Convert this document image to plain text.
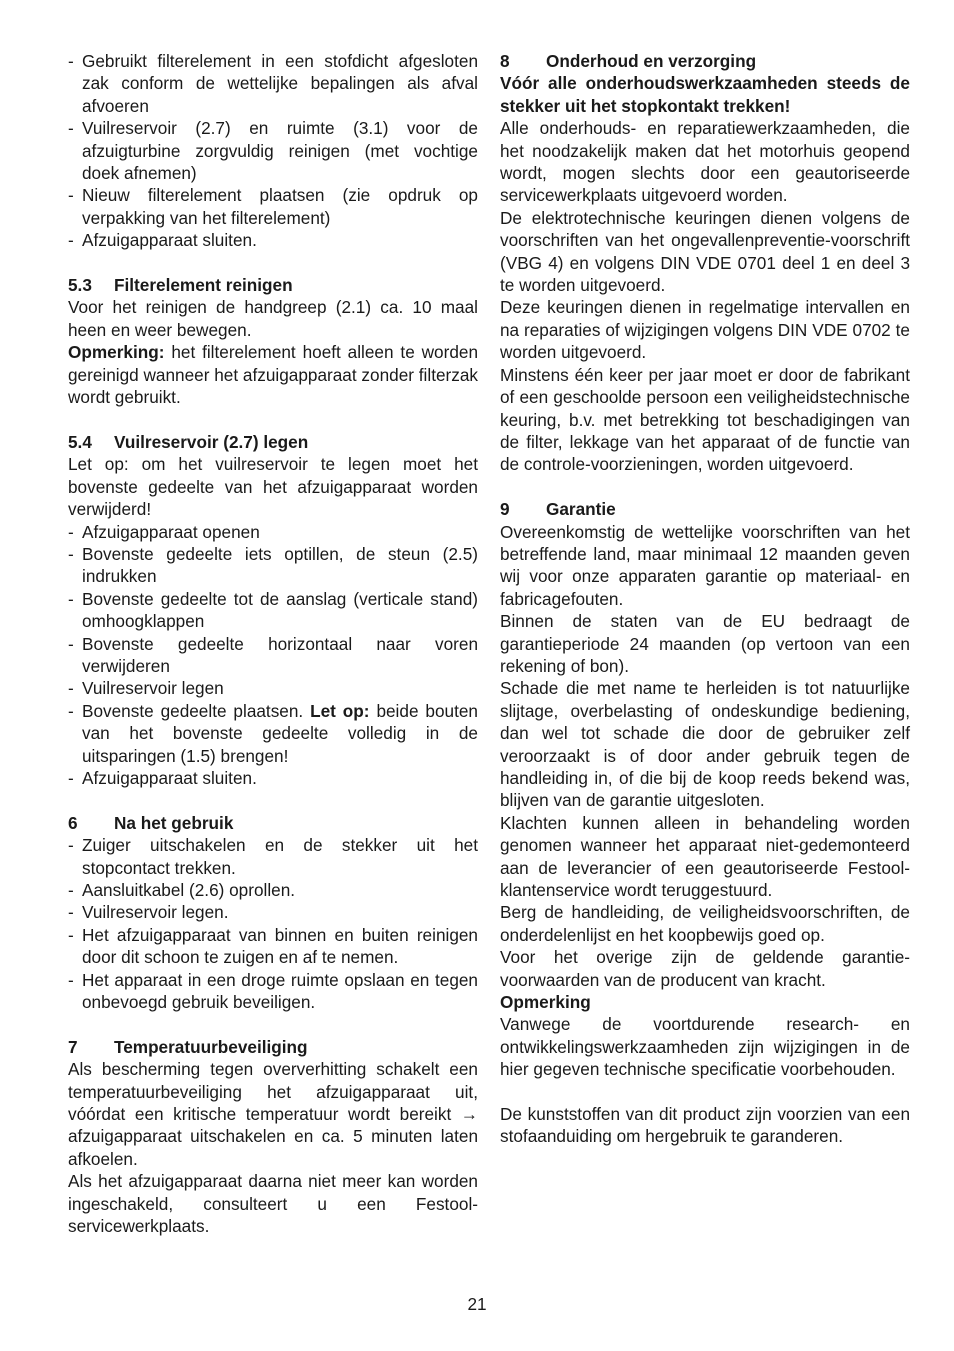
- Gebruikt filterelement in een stofdicht afgesloten zak conform de wettelijke bepalingen als afval afvoeren

- Vuilreservoir (2.7) en ruimte (3.1) voor de afzuigturbine zorgvuldig reinigen (met vochtige doek afnemen)

- Nieuw filterelement plaatsen (zie opdruk op verpakking van het filterelement)

- Afzuigapparaat sluiten.

5.3 Filterelement reinigen

Voor het reinigen de handgreep (2.1) ca. 10 maal heen en weer bewegen.

Opmerking: het filterelement hoeft alleen te worden gereinigd wanneer het afzuigapparaat zonder filterzak wordt gebruikt.

5.4 Vuilreservoir (2.7) legen

Let op: om het vuilreservoir te legen moet het bovenste gedeelte van het afzuigapparaat worden verwijderd!

- Afzuigapparaat openen

- Bovenste gedeelte iets optillen, de steun (2.5) indrukken

- Bovenste gedeelte tot de aanslag (verticale stand) omhoogklappen

- Bovenste gedeelte horizontaal naar voren verwijderen

- Vuilreservoir legen

- Bovenste gedeelte plaatsen. Let op: beide bouten van het bovenste gedeelte volledig in de uitsparingen (1.5) brengen!

- Afzuigapparaat sluiten.

6 Na het gebruik

- Zuiger uitschakelen en de stekker uit het stopcontact trekken.

- Aansluitkabel (2.6) oprollen.

- Vuilreservoir legen.

- Het afzuigapparaat van binnen en buiten reinigen door dit schoon te zuigen en af te nemen.

- Het apparaat in een droge ruimte opslaan en tegen onbevoegd gebruik beveiligen.

7 Temperatuurbeveiliging

Als bescherming tegen oververhitting schakelt een temperatuurbeveiliging het afzuigapparaat uit, vóórdat een kritische temperatuur wordt bereikt → afzuigapparaat uitschakelen en ca. 5 minuten laten afkoelen.

Als het afzuigapparaat daarna niet meer kan worden ingeschakeld, consulteert u een Festool-servicewerkplaats.

8 Onderhoud en verzorging

Vóór alle onderhoudswerkzaamheden steeds de stekker uit het stopkontakt trekken!

Alle onderhouds- en reparatiewerkzaamheden, die het noodzakelijk maken dat het motorhuis geopend wordt, mogen slechts door een geautoriseerde servicewerkplaats uitgevoerd worden.

De elektrotechnische keuringen dienen volgens de voorschriften van het ongevallenpreventie-voorschrift (VBG 4) en volgens DIN VDE 0701 deel 1 en deel 3 te worden uitgevoerd.

Deze keuringen dienen in regelmatige intervallen en na reparaties of wijzigingen volgens DIN VDE 0702 te worden uitgevoerd.

Minstens één keer per jaar moet er door de fabrikant of een geschoolde persoon een veiligheidstechnische keuring, b.v. met betrekking tot beschadigingen van de filter, lekkage van het apparaat of de functie van de controle-voorzieningen, worden uitgevoerd.

9 Garantie

Overeenkomstig de wettelijke voorschriften van het betreffende land, maar minimaal 12 maanden geven wij voor onze apparaten garantie op materiaal- en fabricagefouten.

Binnen de staten van de EU bedraagt de garantieperiode 24 maanden (op vertoon van een rekening of bon).

Schade die met name te herleiden is tot natuurlijke slijtage, overbelasting of ondeskundige bediening, dan wel tot schade die door de gebruiker zelf veroorzaakt is of door ander gebruik tegen de handleiding in, of die bij de koop reeds bekend was, blijven van de garantie uitgesloten.

Klachten kunnen alleen in behandeling worden genomen wanneer het apparaat niet-gedemonteerd aan de leverancier of een geautoriseerde Festool-klantenservice wordt teruggestuurd.

Berg de handleiding, de veiligheidsvoorschriften, de onderdelenlijst en het koopbewijs goed op.

Voor het overige zijn de geldende garantie-voorwaarden van de producent van kracht.

Opmerking

Vanwege de voortdurende research- en ontwikkelingswerkzaamheden zijn wijzigingen in de hier gegeven technische specificatie voorbehouden.

De kunststoffen van dit product zijn voorzien van een stofaanduiding om hergebruik te garanderen.

21
